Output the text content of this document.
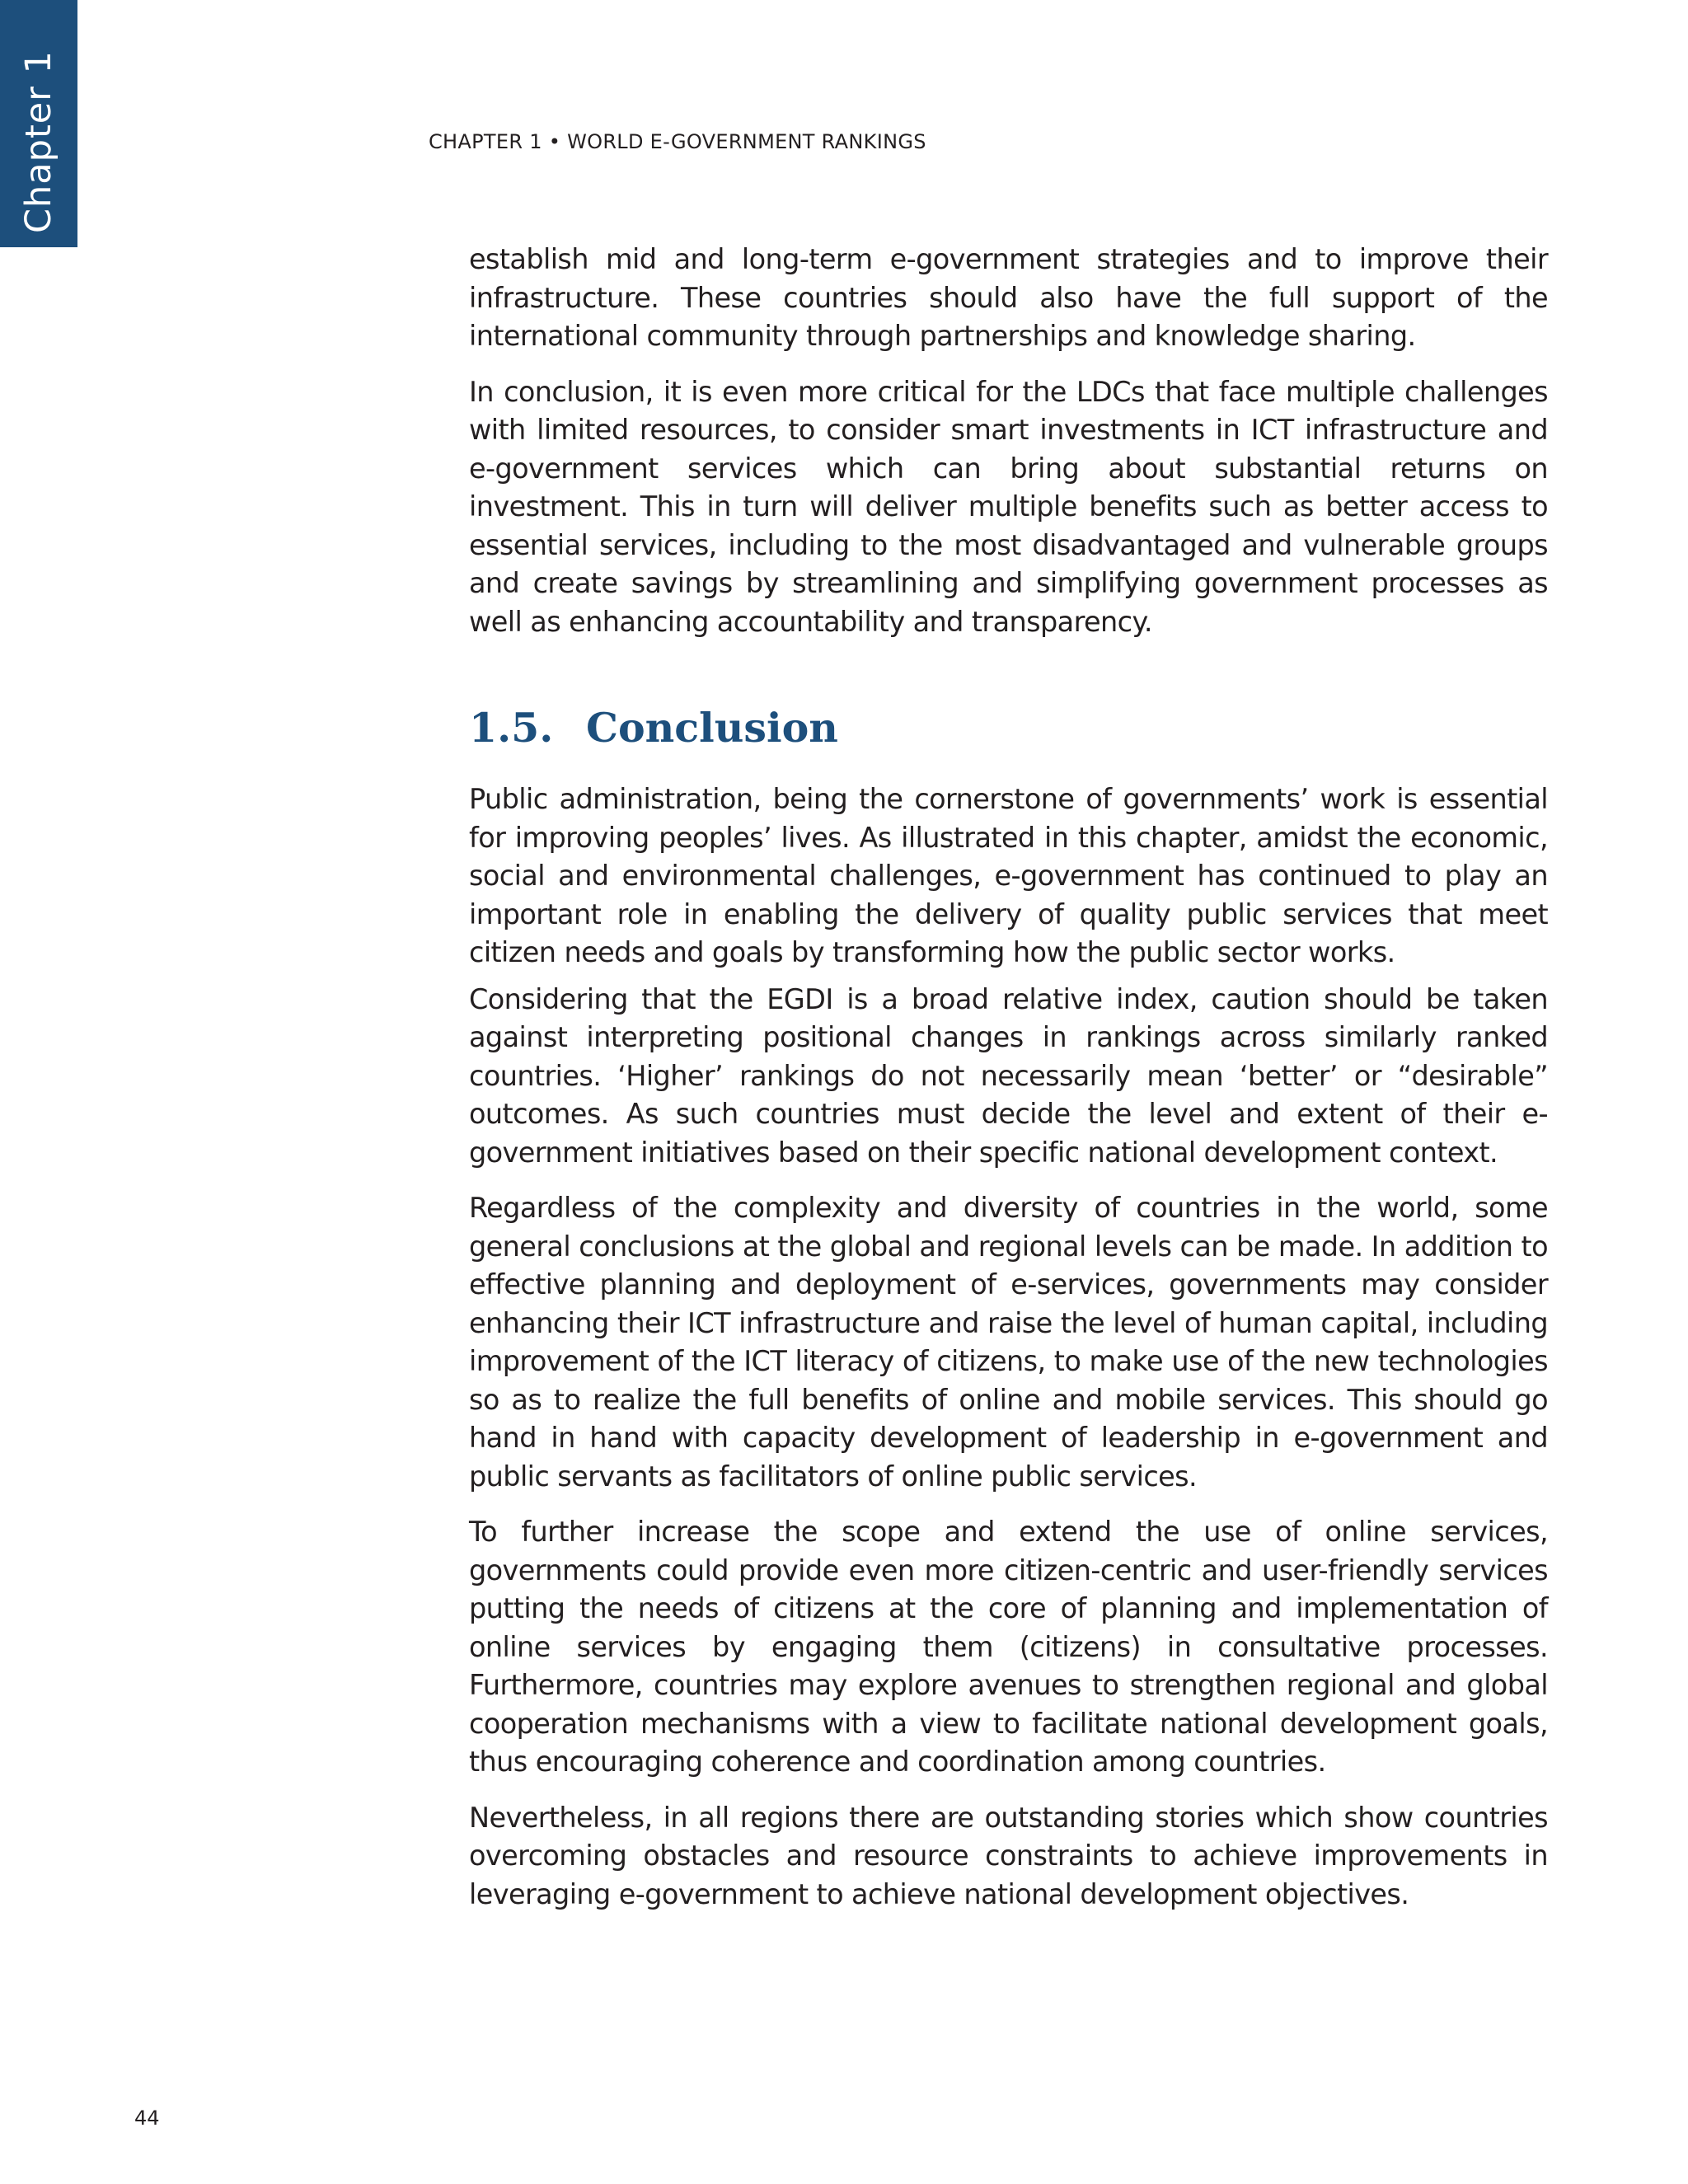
Chapter 1	CHAPTER 1 • WORLD E-GOVERNMENT RANKINGS

establish mid and long-term e-government strategies and to improve their infrastructure. These countries should also have the full support of the international community through partnerships and knowledge sharing.

In conclusion, it is even more critical for the LDCs that face multiple challenges with limited resources, to consider smart investments in ICT infrastructure and e-government services which can bring about substantial returns on investment. This in turn will deliver multiple benefits such as better access to essential services, including to the most disadvantaged and vulnerable groups and create savings by streamlining and simplifying government processes as well as enhancing accountability and transparency.

1.5. Conclusion

Public administration, being the cornerstone of governments’ work is essential for improving peoples’ lives. As illustrated in this chapter, amidst the economic, social and environmental challenges, e-government has continued to play an important role in enabling the delivery of quality public services that meet citizen needs and goals by transforming how the public sector works.

Considering that the EGDI is a broad relative index, caution should be taken against interpreting positional changes in rankings across similarly ranked countries. ‘Higher’ rankings do not necessarily mean ‘better’ or “desirable” outcomes. As such countries must decide the level and extent of their e- government initiatives based on their specific national development context.

Regardless of the complexity and diversity of countries in the world, some general conclusions at the global and regional levels can be made. In addition to effective planning and deployment of e-services, governments may consider enhancing their ICT infrastructure and raise the level of human capital, including improvement of the ICT literacy of citizens, to make use of the new technologies so as to realize the full benefits of online and mobile services. This should go hand in hand with capacity development of leadership in e-government and public servants as facilitators of online public services.

To further increase the scope and extend the use of online services, governments could provide even more citizen-centric and user-friendly services putting the needs of citizens at the core of planning and implementation of online services by engaging them (citizens) in consultative processes. Furthermore, countries may explore avenues to strengthen regional and global cooperation mechanisms with a view to facilitate national development goals, thus encouraging coherence and coordination among countries.

Nevertheless, in all regions there are outstanding stories which show countries overcoming obstacles and resource constraints to achieve improvements in leveraging e-government to achieve national development objectives.

44
